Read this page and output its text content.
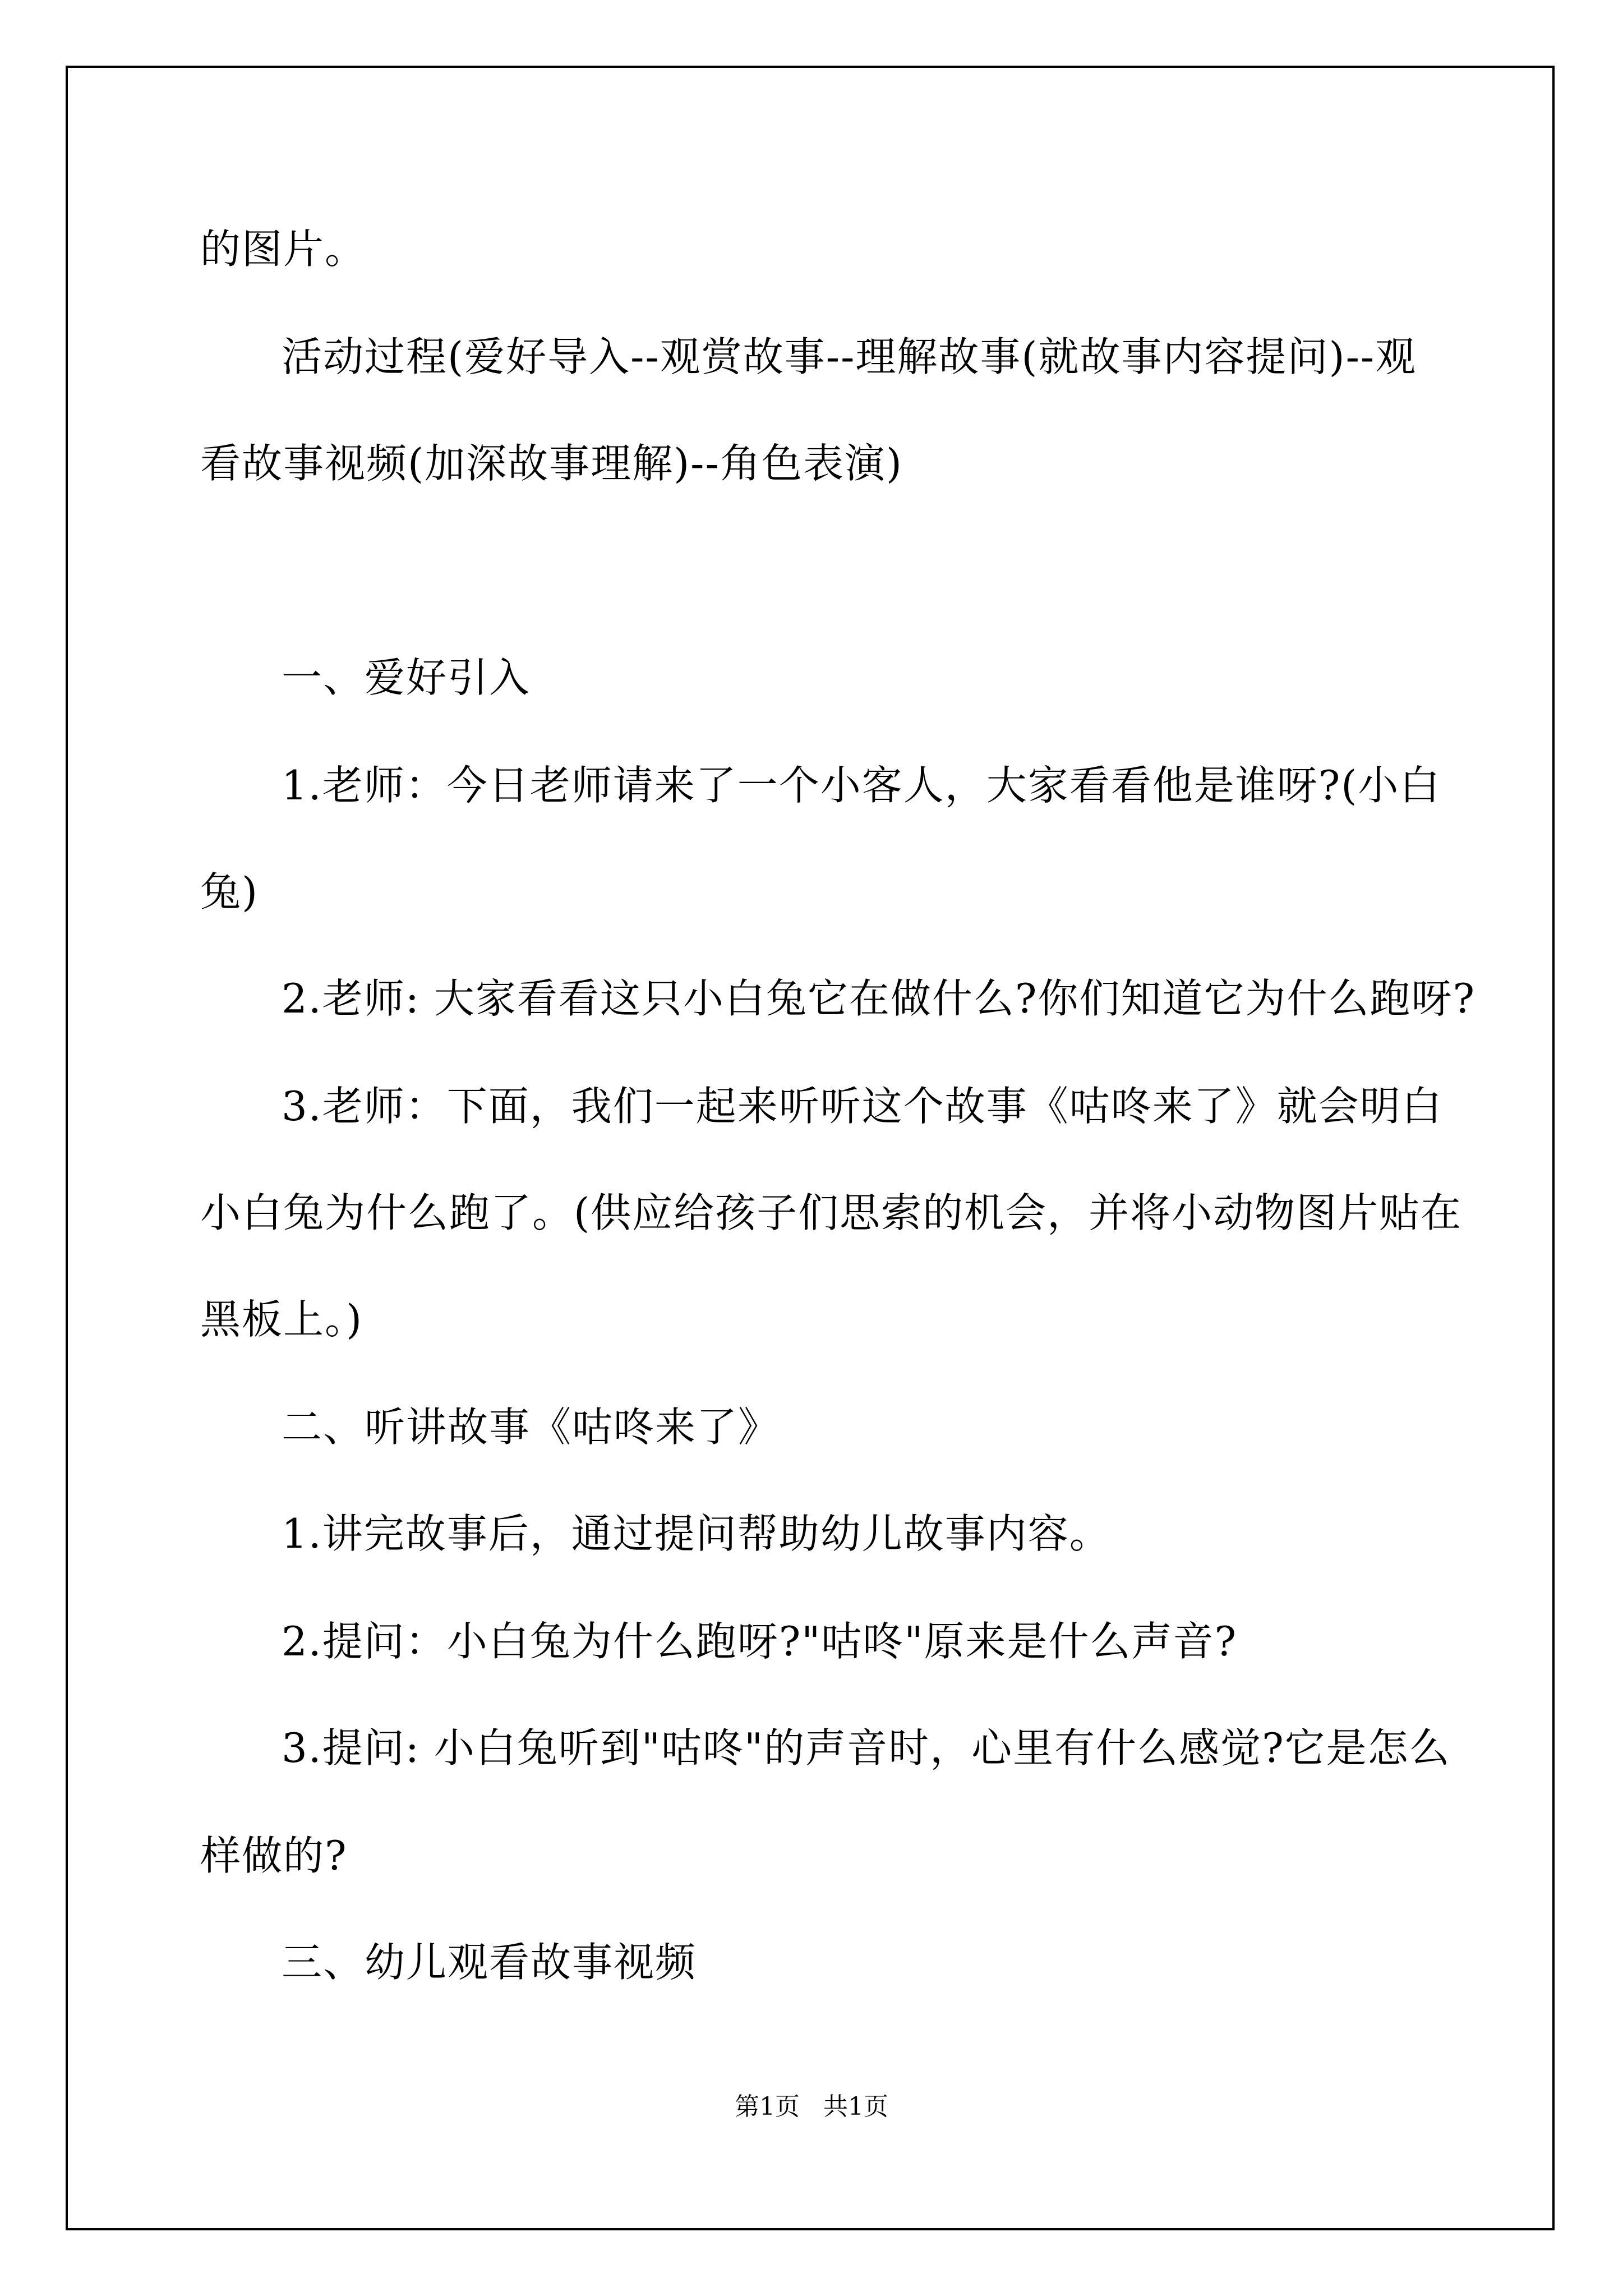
的图片。
活动过程(爱好导入--观赏故事--理解故事(就故事内容提问)--观
看故事视频(加深故事理解)--角色表演)
一、爱好引入
1.老师：今日老师请来了一个小客人，大家看看他是谁呀?(小白
兔)
2.老师: 大家看看这只小白兔它在做什么?你们知道它为什么跑呀?
3.老师：下面，我们一起来听听这个故事《咕咚来了》就会明白
小白兔为什么跑了。(供应给孩子们思索的机会，并将小动物图片贴在
黑板上。)
二、听讲故事《咕咚来了》
1.讲完故事后，通过提问帮助幼儿故事内容。
2.提问：小白兔为什么跑呀?"咕咚"原来是什么声音?
3.提问: 小白兔听到"咕咚"的声音时，心里有什么感觉?它是怎么
样做的?
三、幼儿观看故事视频
第1页   共1页
